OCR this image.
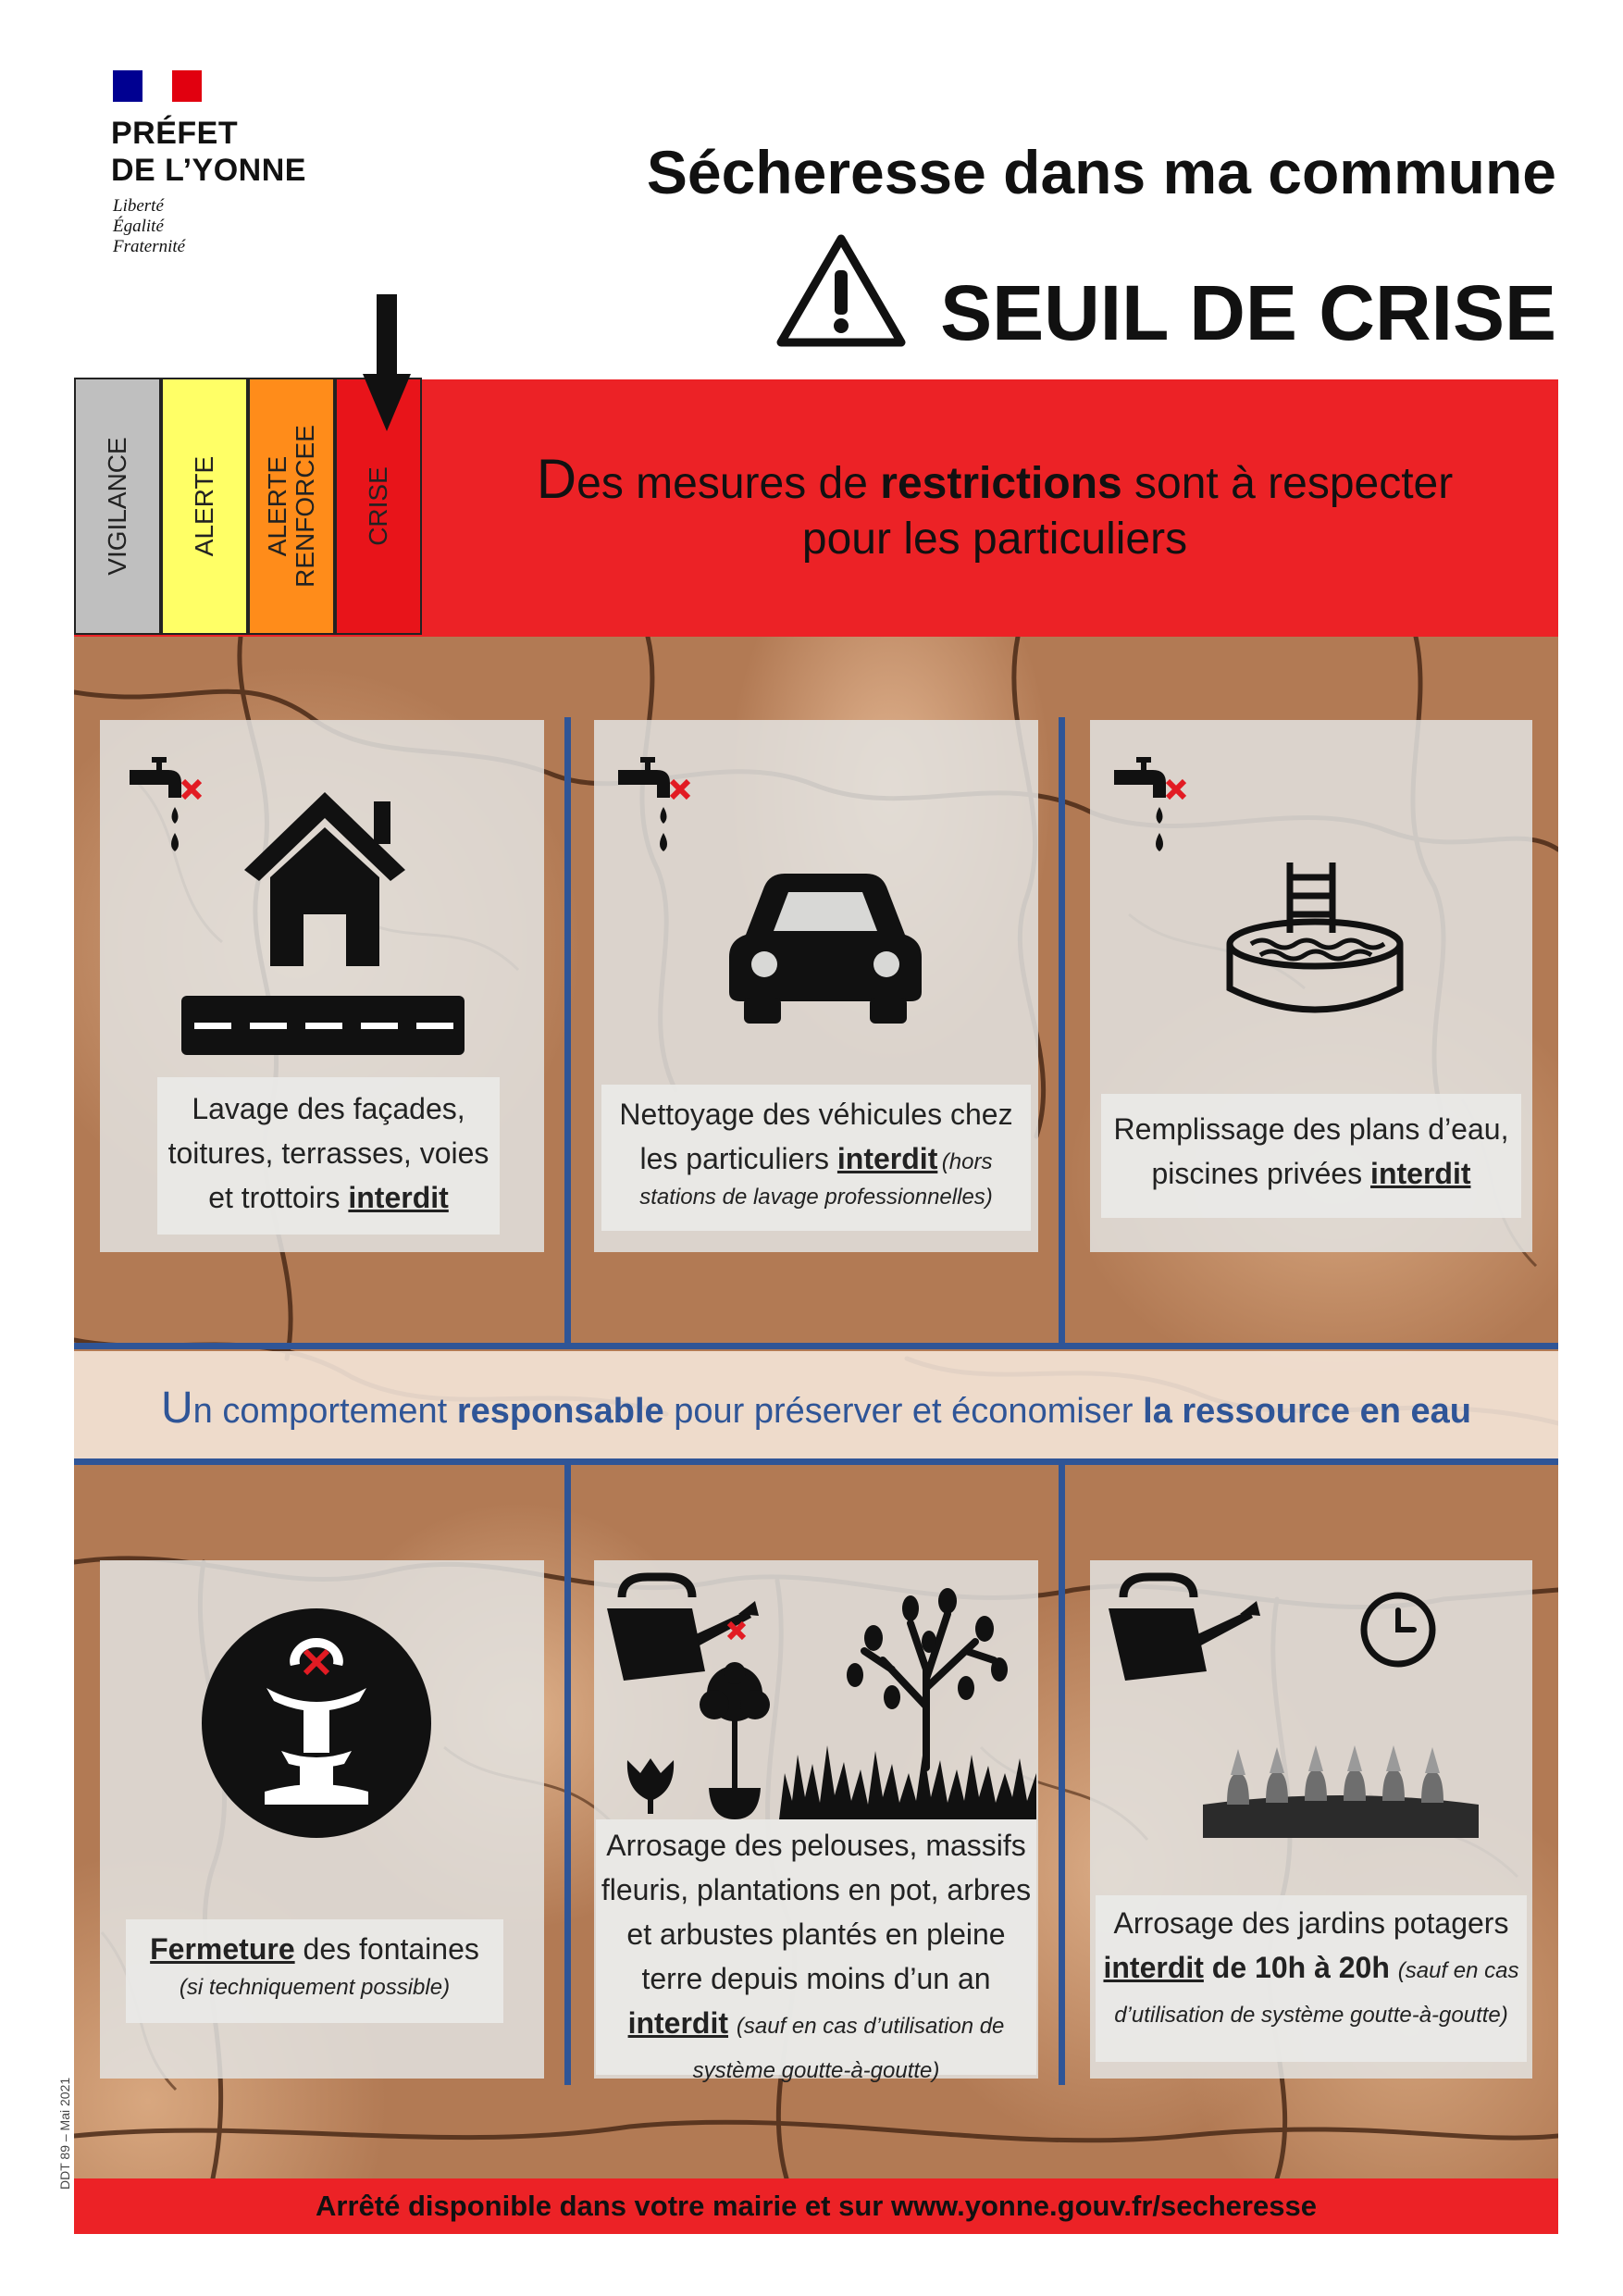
PRÉFET
DE L’YONNE
Liberté
Égalité
Fraternité
Sécheresse dans ma commune
SEUIL DE CRISE
VIGILANCE ALERTE ALERTE RENFORCEE CRISE	Des mesures de restrictions sont à respecter
pour les particuliers
Un comportement responsable pour préserver et économiser la ressource en eau
Lavage des façades, toitures, terrasses, voies et trottoirs interdit
Nettoyage des véhicules chez les particuliers interdit (hors stations de lavage professionnelles)
Remplissage des plans d’eau, piscines privées interdit
Fermeture des fontaines
(si techniquement possible)
Arrosage des pelouses, massifs fleuris, plantations en pot, arbres et arbustes plantés en pleine terre depuis moins d’un an interdit (sauf en cas d’utilisation de système goutte-à-goutte)
Arrosage des jardins potagers interdit de 10h à 20h (sauf en cas d’utilisation de système goutte-à-goutte)
Arrêté disponible dans votre mairie et sur www.yonne.gouv.fr/secheresse
DDT 89 – Mai 2021
